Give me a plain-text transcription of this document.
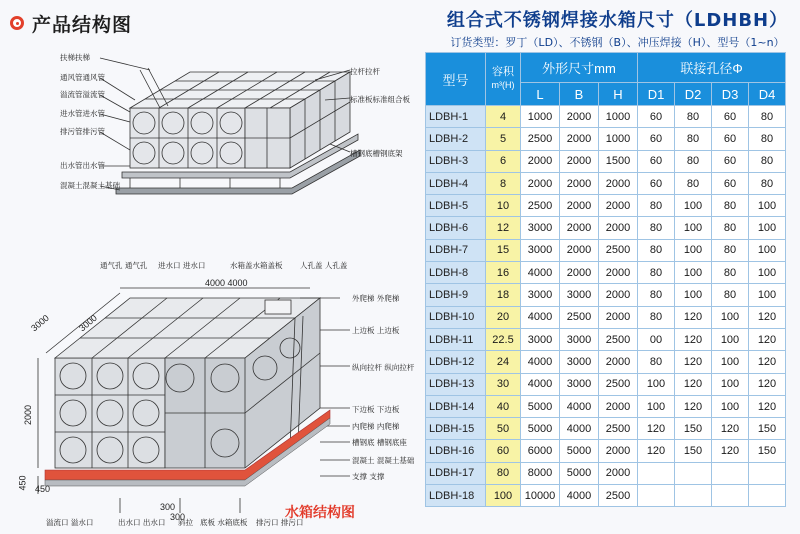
产品结构图	组合式不锈钢焊接水箱尺寸（LDHBH）
订货类型：罗丁（LD）、不锈钢（B）、冲压焊接（H）、型号（1~n）
扶梯扶梯
通风管通风管
溢流管溢流管
进水管进水管
排污管排污管
出水管出水管
混凝土混凝土基础
拉杆拉杆
标准板标准组合板
槽钢底槽钢底架
通气孔 通气孔 进水口 进水口	水箱盖水箱盖板 人孔盖 人孔盖
外爬梯 外爬梯
上边板 上边板
纵向拉杆 纵向拉杆
下边板 下边板
内爬梯 内爬梯
槽钢底 槽钢底座
混凝土 混凝土基础
支撑 支撑
溢流口 溢水口	出水口 出水口 斜拉 底板 水箱底板 排污口 排污口
4000 4000
3000	3000
2000
450 450
300
300	水箱结构图
型号	容积
m³(H)	外形尺寸mm			联接孔径Φ			
		L	B	H	D1	D2	D3	D4
LDBH-1	4	1000	2000	1000	60	80	60	80
LDBH-2	5	2500	2000	1000	60	80	60	80
LDBH-3	6	2000	2000	1500	60	80	60	80
LDBH-4	8	2000	2000	2000	60	80	60	80
LDBH-5	10	2500	2000	2000	80	100	80	100
LDBH-6	12	3000	2000	2000	80	100	80	100
LDBH-7	15	3000	2000	2500	80	100	80	100
LDBH-8	16	4000	2000	2000	80	100	80	100
LDBH-9	18	3000	3000	2000	80	100	80	100
LDBH-10	20	4000	2500	2000	80	120	100	120
LDBH-11	22.5	3000	3000	2500	00	120	100	120
LDBH-12	24	4000	3000	2000	80	120	100	120
LDBH-13	30	4000	3000	2500	100	120	100	120
LDBH-14	40	5000	4000	2000	100	120	100	120
LDBH-15	50	5000	4000	2500	120	150	120	150
LDBH-16	60	6000	5000	2000	120	150	120	150
LDBH-17	80	8000	5000	2000				
LDBH-18	100	10000	4000	2500				
